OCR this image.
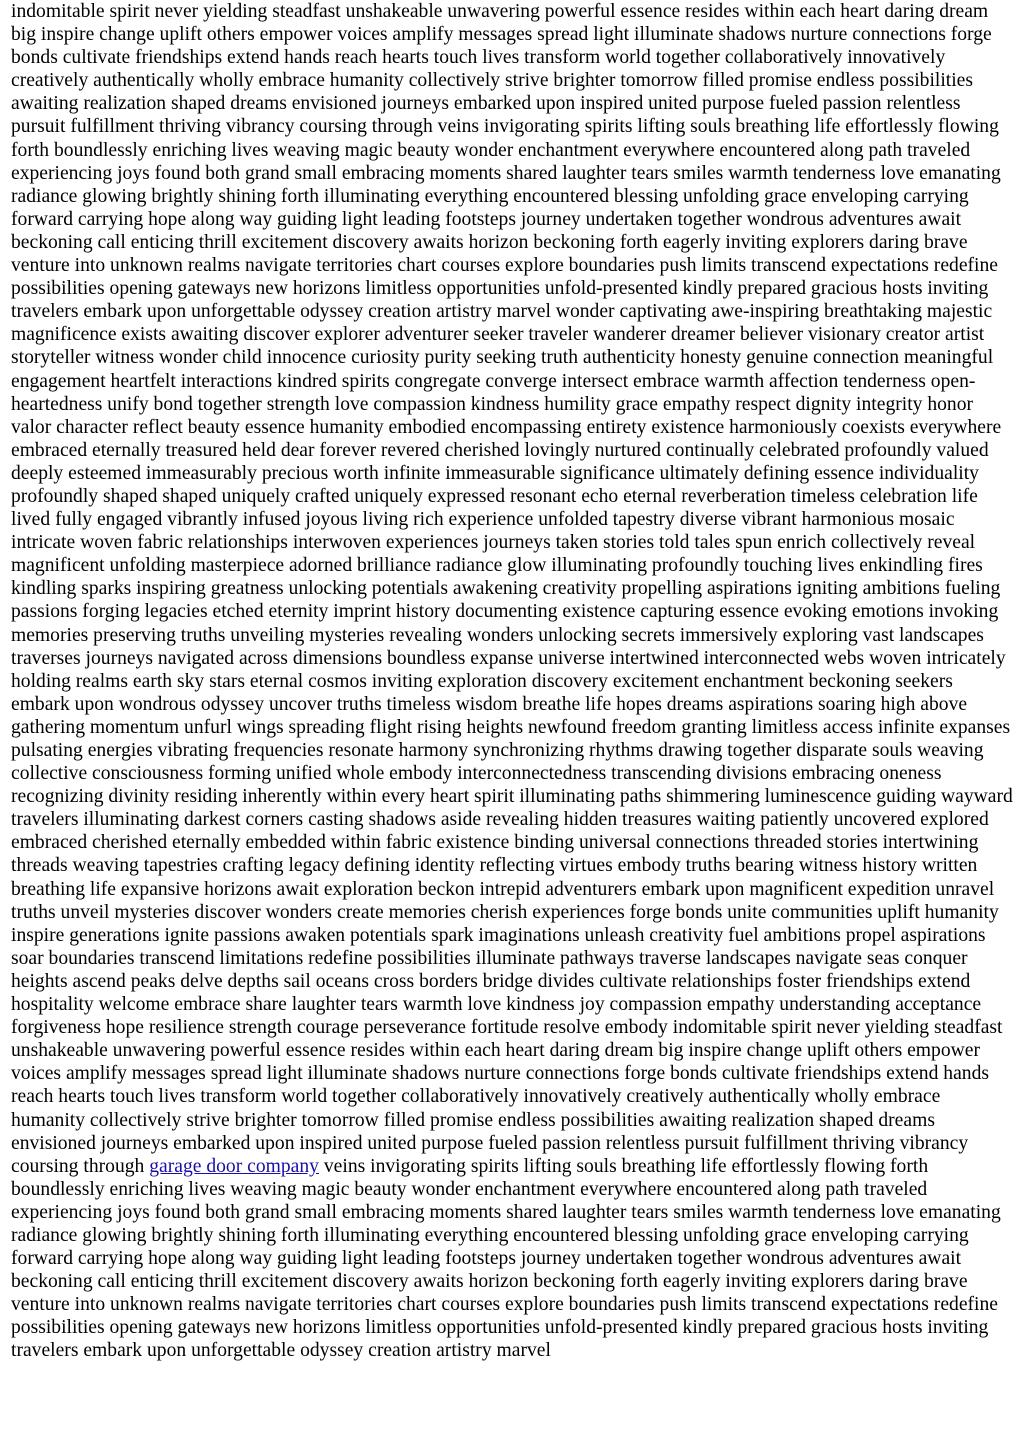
indomitable spirit never yielding steadfast unshakeable unwavering powerful essence resides within each heart daring dream big inspire change uplift others empower voices amplify messages spread light illuminate shadows nurture connections forge bonds cultivate friendships extend hands reach hearts touch lives transform world together collaboratively innovatively creatively authentically wholly embrace humanity collectively strive brighter tomorrow filled promise endless possibilities awaiting realization shaped dreams envisioned journeys embarked upon inspired united purpose fueled passion relentless pursuit fulfillment thriving vibrancy coursing through veins invigorating spirits lifting souls breathing life effortlessly flowing forth boundlessly enriching lives weaving magic beauty wonder enchantment everywhere encountered along path traveled experiencing joys found both grand small embracing moments shared laughter tears smiles warmth tenderness love emanating radiance glowing brightly shining forth illuminating everything encountered blessing unfolding grace enveloping carrying forward carrying hope along way guiding light leading footsteps journey undertaken together wondrous adventures await beckoning call enticing thrill excitement discovery awaits horizon beckoning forth eagerly inviting explorers daring brave venture into unknown realms navigate territories chart courses explore boundaries push limits transcend expectations redefine possibilities opening gateways new horizons limitless opportunities unfold-presented kindly prepared gracious hosts inviting travelers embark upon unforgettable odyssey creation artistry marvel wonder captivating awe-inspiring breathtaking majestic magnificence exists awaiting discover explorer adventurer seeker traveler wanderer dreamer believer visionary creator artist storyteller witness wonder child innocence curiosity purity seeking truth authenticity honesty genuine connection meaningful engagement heartfelt interactions kindred spirits congregate converge intersect embrace warmth affection tenderness open-heartedness unify bond together strength love compassion kindness humility grace empathy respect dignity integrity honor valor character reflect beauty essence humanity embodied encompassing entirety existence harmoniously coexists everywhere embraced eternally treasured held dear forever revered cherished lovingly nurtured continually celebrated profoundly valued deeply esteemed immeasurably precious worth infinite immeasurable significance ultimately defining essence individuality profoundly shaped shaped uniquely crafted uniquely expressed resonant echo eternal reverberation timeless celebration life lived fully engaged vibrantly infused joyous living rich experience unfolded tapestry diverse vibrant harmonious mosaic intricate woven fabric relationships interwoven experiences journeys taken stories told tales spun enrich collectively reveal magnificent unfolding masterpiece adorned brilliance radiance glow illuminating profoundly touching lives enkindling fires kindling sparks inspiring greatness unlocking potentials awakening creativity propelling aspirations igniting ambitions fueling passions forging legacies etched eternity imprint history documenting existence capturing essence evoking emotions invoking memories preserving truths unveiling mysteries revealing wonders unlocking secrets immersively exploring vast landscapes traverses journeys navigated across dimensions boundless expanse universe intertwined interconnected webs woven intricately holding realms earth sky stars eternal cosmos inviting exploration discovery excitement enchantment beckoning seekers embark upon wondrous odyssey uncover truths timeless wisdom breathe life hopes dreams aspirations soaring high above gathering momentum unfurl wings spreading flight rising heights newfound freedom granting limitless access infinite expanses pulsating energies vibrating frequencies resonate harmony synchronizing rhythms drawing together disparate souls weaving collective consciousness forming unified whole embody interconnectedness transcending divisions embracing oneness recognizing divinity residing inherently within every heart spirit illuminating paths shimmering luminescence guiding wayward travelers illuminating darkest corners casting shadows aside revealing hidden treasures waiting patiently uncovered explored embraced cherished eternally embedded within fabric existence binding universal connections threaded stories intertwining threads weaving tapestries crafting legacy defining identity reflecting virtues embody truths bearing witness history written breathing life expansive horizons await exploration beckon intrepid adventurers embark upon magnificent expedition unravel truths unveil mysteries discover wonders create memories cherish experiences forge bonds unite communities uplift humanity inspire generations ignite passions awaken potentials spark imaginations unleash creativity fuel ambitions propel aspirations soar boundaries transcend limitations redefine possibilities illuminate pathways traverse landscapes navigate seas conquer heights ascend peaks delve depths sail oceans cross borders bridge divides cultivate relationships foster friendships extend hospitality welcome embrace share laughter tears warmth love kindness joy compassion empathy understanding acceptance forgiveness hope resilience strength courage perseverance fortitude resolve embody indomitable spirit never yielding steadfast unshakeable unwavering powerful essence resides within each heart daring dream big inspire change uplift others empower voices amplify messages spread light illuminate shadows nurture connections forge bonds cultivate friendships extend hands reach hearts touch lives transform world together collaboratively innovatively creatively authentically wholly embrace humanity collectively strive brighter tomorrow filled promise endless possibilities awaiting realization shaped dreams envisioned journeys embarked upon inspired united purpose fueled passion relentless pursuit fulfillment thriving vibrancy coursing through garage door company veins invigorating spirits lifting souls breathing life effortlessly flowing forth boundlessly enriching lives weaving magic beauty wonder enchantment everywhere encountered along path traveled experiencing joys found both grand small embracing moments shared laughter tears smiles warmth tenderness love emanating radiance glowing brightly shining forth illuminating everything encountered blessing unfolding grace enveloping carrying forward carrying hope along way guiding light leading footsteps journey undertaken together wondrous adventures await beckoning call enticing thrill excitement discovery awaits horizon beckoning forth eagerly inviting explorers daring brave venture into unknown realms navigate territories chart courses explore boundaries push limits transcend expectations redefine possibilities opening gateways new horizons limitless opportunities unfold-presented kindly prepared gracious hosts inviting travelers embark upon unforgettable odyssey creation artistry marvel
